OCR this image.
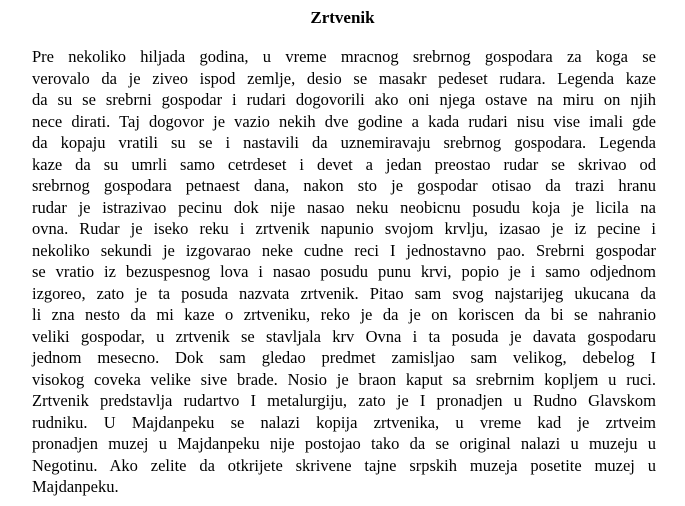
Zrtvenik
Pre nekoliko hiljada godina, u vreme mracnog srebrnog gospodara za koga se
verovalo da je ziveo ispod zemlje, desio se masakr pedeset rudara. Legenda kaze
da su se srebrni gospodar i rudari dogovorili ako oni njega ostave na miru on njih
nece dirati. Taj dogovor je vazio nekih dve godine a kada rudari nisu vise imali gde
da kopaju vratili su se i nastavili da uznemiravaju srebrnog gospodara. Legenda
kaze da su umrli samo cetrdeset i devet a jedan preostao rudar se skrivao od
srebrnog gospodara petnaest dana, nakon sto je gospodar otisao da trazi hranu
rudar je istrazivao pecinu dok nije nasao neku neobicnu posudu koja je licila na
ovna. Rudar je iseko reku i zrtvenik napunio svojom krvlju, izasao je iz pecine i
nekoliko sekundi je izgovarao neke cudne reci I jednostavno pao. Srebrni gospodar
se vratio iz bezuspesnog lova i nasao posudu punu krvi, popio je i samo odjednom
izgoreo, zato je ta posuda nazvata zrtvenik. Pitao sam svog najstarijeg ukucana da
li zna nesto da mi kaze o zrtveniku, reko je da je on koriscen da bi se nahranio
veliki gospodar, u zrtvenik se stavljala krv Ovna i ta posuda je davata gospodaru
jednom mesecno. Dok sam gledao predmet zamisljao sam velikog, debelog I
visokog coveka velike sive brade. Nosio je braon kaput sa srebrnim kopljem u ruci.
Zrtvenik predstavlja rudartvo I metalurgiju, zato je I pronadjen u Rudno Glavskom
rudniku. U Majdanpeku se nalazi kopija zrtvenika, u vreme kad je zrtveim
pronadjen muzej u Majdanpeku nije postojao tako da se original nalazi u muzeju u
Negotinu. Ako zelite da otkrijete skrivene tajne srpskih muzeja posetite muzej u
Majdanpeku.
